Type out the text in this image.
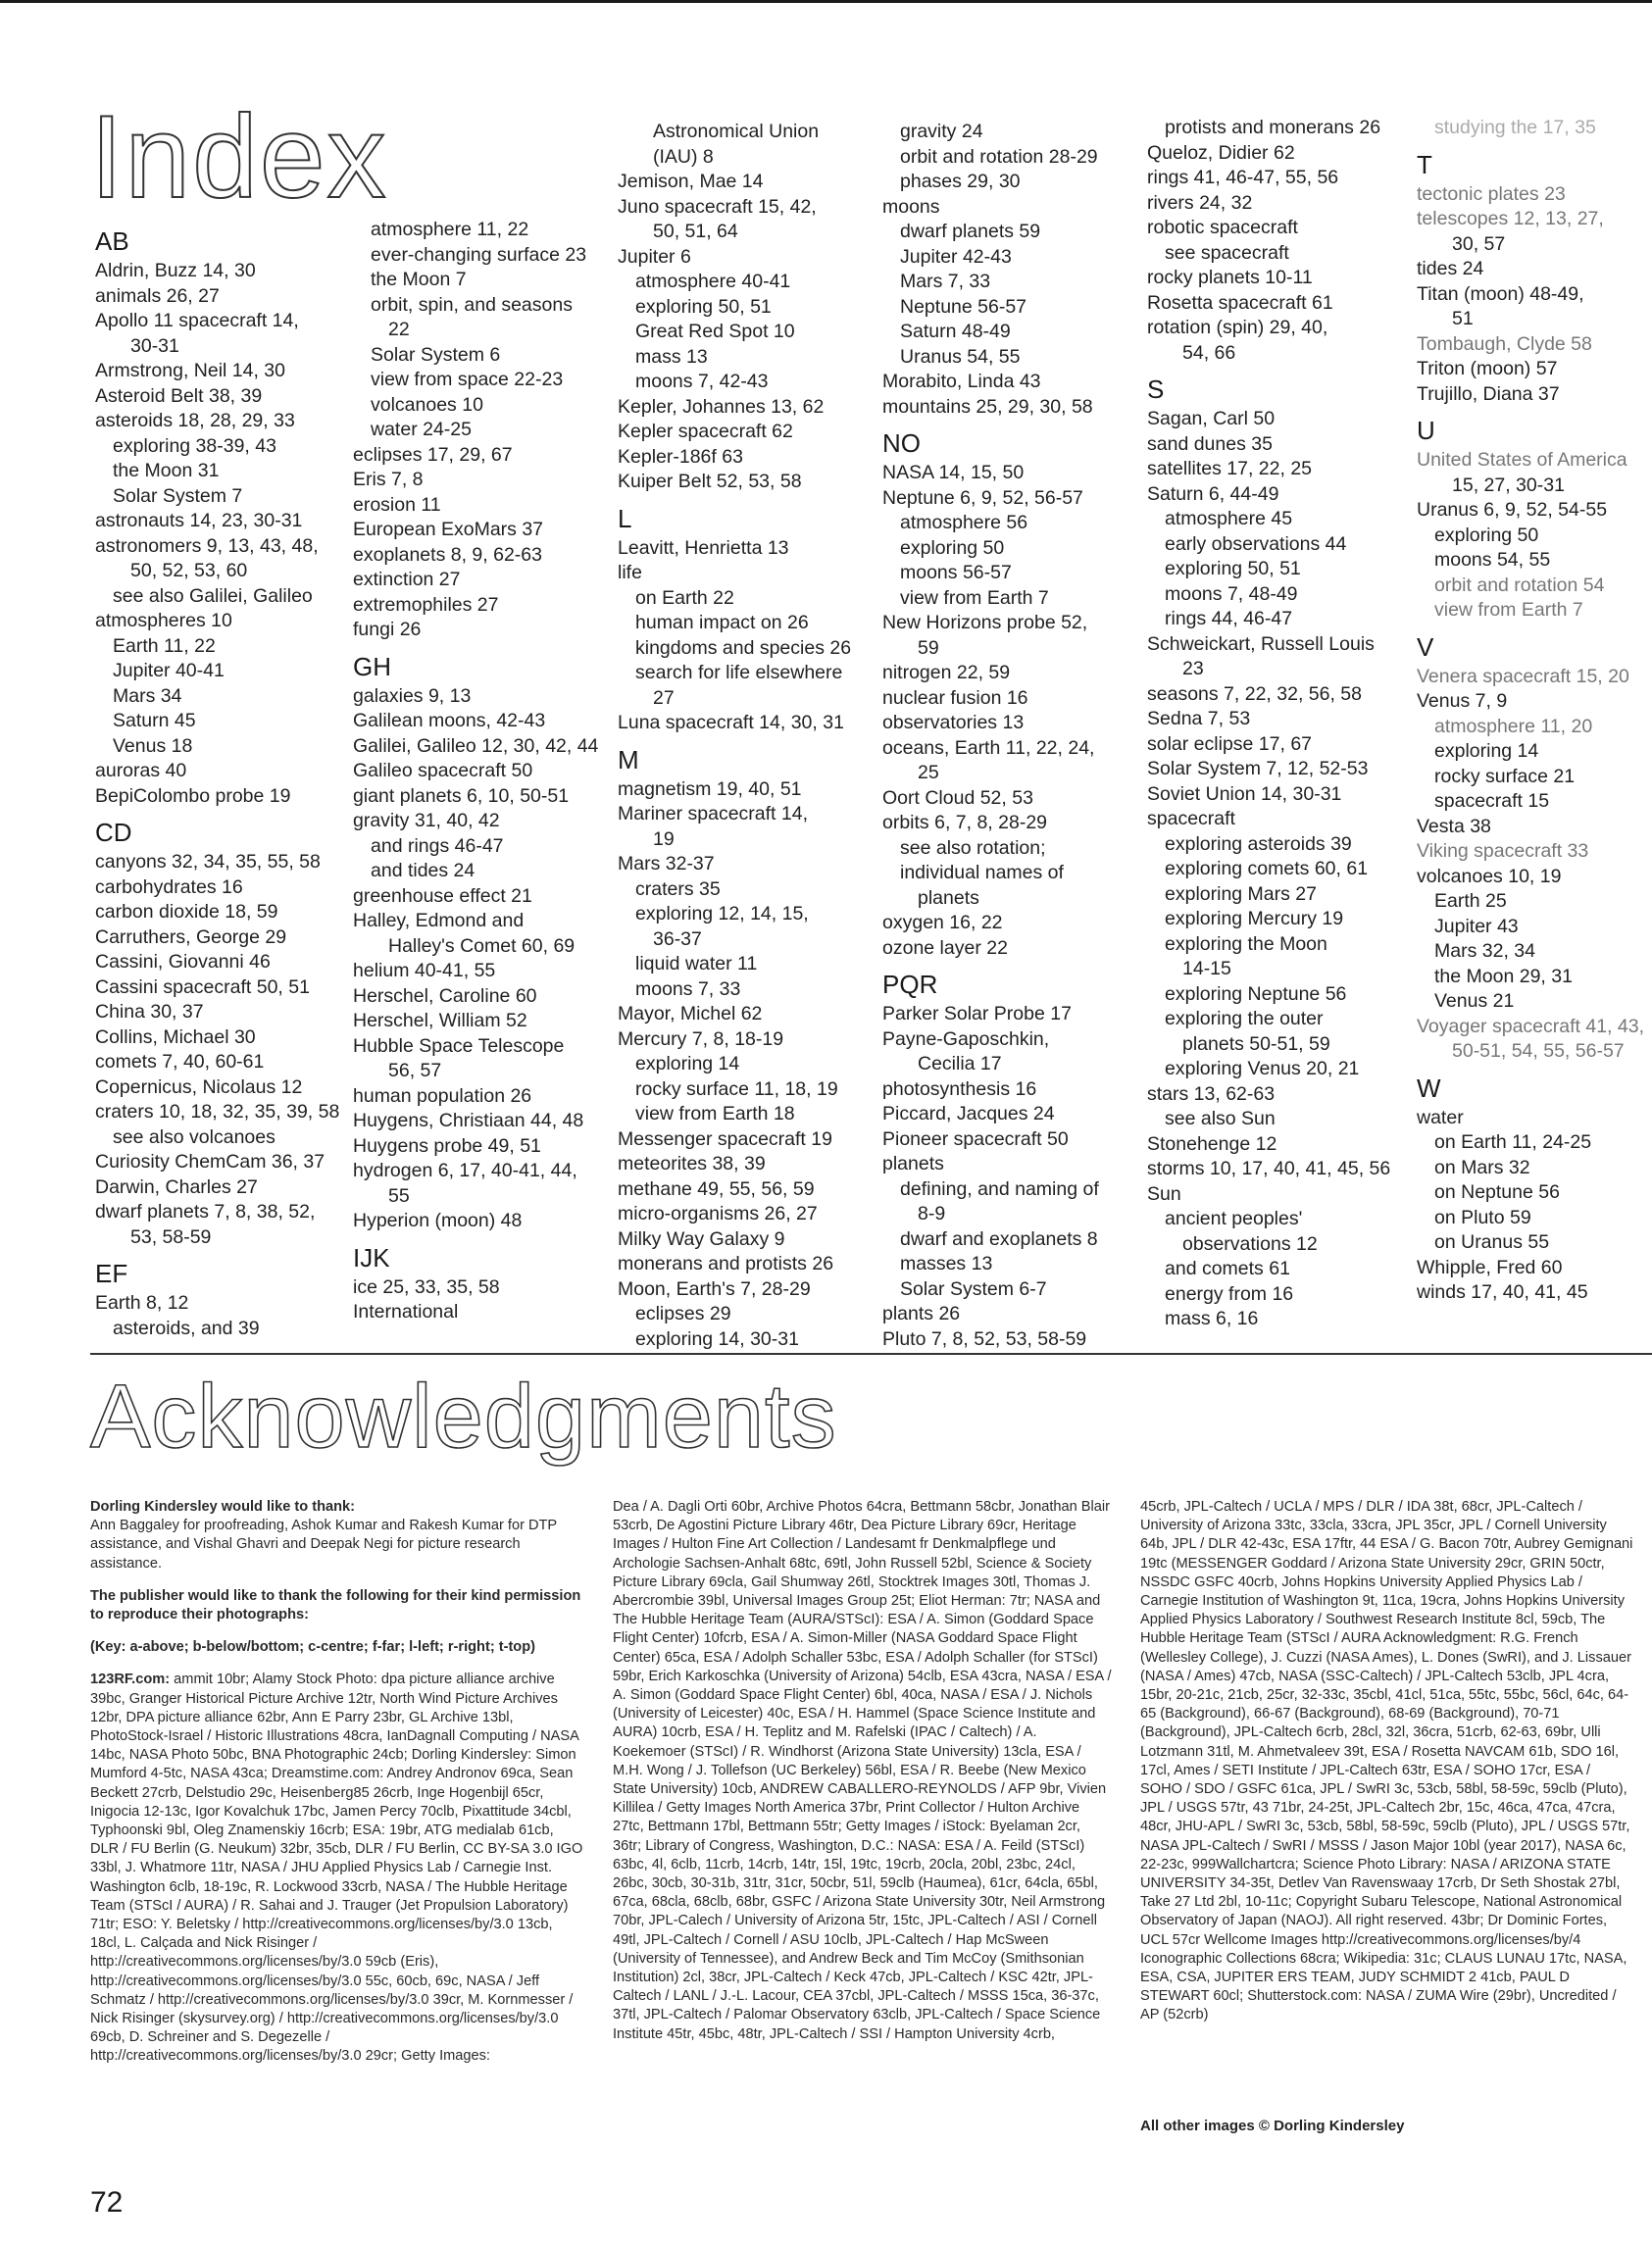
Index
AB
Aldrin, Buzz 14, 30
animals 26, 27
Apollo 11 spacecraft 14,
30-31
Armstrong, Neil 14, 30
Asteroid Belt 38, 39
asteroids 18, 28, 29, 33
exploring 38-39, 43
the Moon 31
Solar System 7
astronauts 14, 23, 30-31
astronomers 9, 13, 43, 48,
50, 52, 53, 60
see also Galilei, Galileo
atmospheres 10
Earth 11, 22
Jupiter 40-41
Mars 34
Saturn 45
Venus 18
auroras 40
BepiColombo probe 19
CD
canyons 32, 34, 35, 55, 58
carbohydrates 16
carbon dioxide 18, 59
Carruthers, George 29
Cassini, Giovanni 46
Cassini spacecraft 50, 51
China 30, 37
Collins, Michael 30
comets 7, 40, 60-61
Copernicus, Nicolaus 12
craters 10, 18, 32, 35, 39, 58
see also volcanoes
Curiosity ChemCam 36, 37
Darwin, Charles 27
dwarf planets 7, 8, 38, 52,
53, 58-59
EF
Earth 8, 12
asteroids, and 39
atmosphere 11, 22
ever-changing surface 23
the Moon 7
orbit, spin, and seasons
22
Solar System 6
view from space 22-23
volcanoes 10
water 24-25
eclipses 17, 29, 67
Eris 7, 8
erosion 11
European ExoMars 37
exoplanets 8, 9, 62-63
extinction 27
extremophiles 27
fungi 26
GH
galaxies 9, 13
Galilean moons, 42-43
Galilei, Galileo 12, 30, 42, 44
Galileo spacecraft 50
giant planets 6, 10, 50-51
gravity 31, 40, 42
and rings 46-47
and tides 24
greenhouse effect 21
Halley, Edmond and
Halley's Comet 60, 69
helium 40-41, 55
Herschel, Caroline 60
Herschel, William 52
Hubble Space Telescope
56, 57
human population 26
Huygens, Christiaan 44, 48
Huygens probe 49, 51
hydrogen 6, 17, 40-41, 44,
55
Hyperion (moon) 48
IJK
ice 25, 33, 35, 58
International
Astronomical Union
(IAU) 8
Jemison, Mae 14
Juno spacecraft 15, 42,
50, 51, 64
Jupiter 6
atmosphere 40-41
exploring 50, 51
Great Red Spot 10
mass 13
moons 7, 42-43
Kepler, Johannes 13, 62
Kepler spacecraft 62
Kepler-186f 63
Kuiper Belt 52, 53, 58
L
Leavitt, Henrietta 13
life
on Earth 22
human impact on 26
kingdoms and species 26
search for life elsewhere
27
Luna spacecraft 14, 30, 31
M
magnetism 19, 40, 51
Mariner spacecraft 14,
19
Mars 32-37
craters 35
exploring 12, 14, 15,
36-37
liquid water 11
moons 7, 33
Mayor, Michel 62
Mercury 7, 8, 18-19
exploring 14
rocky surface 11, 18, 19
view from Earth 18
Messenger spacecraft 19
meteorites 38, 39
methane 49, 55, 56, 59
micro-organisms 26, 27
Milky Way Galaxy 9
monerans and protists 26
Moon, Earth's 7, 28-29
eclipses 29
exploring 14, 30-31
gravity 24
orbit and rotation 28-29
phases 29, 30
moons
dwarf planets 59
Jupiter 42-43
Mars 7, 33
Neptune 56-57
Saturn 48-49
Uranus 54, 55
Morabito, Linda 43
mountains 25, 29, 30, 58
NO
NASA 14, 15, 50
Neptune 6, 9, 52, 56-57
atmosphere 56
exploring 50
moons 56-57
view from Earth 7
New Horizons probe 52,
59
nitrogen 22, 59
nuclear fusion 16
observatories 13
oceans, Earth 11, 22, 24,
25
Oort Cloud 52, 53
orbits 6, 7, 8, 28-29
see also rotation;
individual names of
planets
oxygen 16, 22
ozone layer 22
PQR
Parker Solar Probe 17
Payne-Gaposchkin,
Cecilia 17
photosynthesis 16
Piccard, Jacques 24
Pioneer spacecraft 50
planets
defining, and naming of
8-9
dwarf and exoplanets 8
masses 13
Solar System 6-7
plants 26
Pluto 7, 8, 52, 53, 58-59
protists and monerans 26
Queloz, Didier 62
rings 41, 46-47, 55, 56
rivers 24, 32
robotic spacecraft
see spacecraft
rocky planets 10-11
Rosetta spacecraft 61
rotation (spin) 29, 40,
54, 66
S
Sagan, Carl 50
sand dunes 35
satellites 17, 22, 25
Saturn 6, 44-49
atmosphere 45
early observations 44
exploring 50, 51
moons 7, 48-49
rings 44, 46-47
Schweickart, Russell Louis
23
seasons 7, 22, 32, 56, 58
Sedna 7, 53
solar eclipse 17, 67
Solar System 7, 12, 52-53
Soviet Union 14, 30-31
spacecraft
exploring asteroids 39
exploring comets 60, 61
exploring Mars 27
exploring Mercury 19
exploring the Moon
14-15
exploring Neptune 56
exploring the outer
planets 50-51, 59
exploring Venus 20, 21
stars 13, 62-63
see also Sun
Stonehenge 12
storms 10, 17, 40, 41, 45, 56
Sun
ancient peoples'
observations 12
and comets 61
energy from 16
mass 6, 16
studying the 17, 35
T
tectonic plates 23
telescopes 12, 13, 27,
30, 57
tides 24
Titan (moon) 48-49,
51
Tombaugh, Clyde 58
Triton (moon) 57
Trujillo, Diana 37
U
United States of America
15, 27, 30-31
Uranus 6, 9, 52, 54-55
exploring 50
moons 54, 55
orbit and rotation 54
view from Earth 7
V
Venera spacecraft 15, 20
Venus 7, 9
atmosphere 11, 20
exploring 14
rocky surface 21
spacecraft 15
Vesta 38
Viking spacecraft 33
volcanoes 10, 19
Earth 25
Jupiter 43
Mars 32, 34
the Moon 29, 31
Venus 21
Voyager spacecraft 41, 43,
50-51, 54, 55, 56-57
W
water
on Earth 11, 24-25
on Mars 32
on Neptune 56
on Pluto 59
on Uranus 55
Whipple, Fred 60
winds 17, 40, 41, 45
Acknowledgments

Dorling Kindersley would like to thank:
Ann Baggaley for proofreading, Ashok Kumar and Rakesh Kumar for DTP assistance, and Vishal Ghavri and Deepak Negi for picture research assistance.

The publisher would like to thank the following for their kind permission to reproduce their photographs:

(Key: a-above; b-below/bottom; c-centre; f-far; l-left; r-right; t-top)

123RF.com: ammit 10br; Alamy Stock Photo: dpa picture alliance archive 39bc, Granger Historical Picture Archive 12tr, North Wind Picture Archives 12br, DPA picture alliance 62br, Ann E Parry 23br, GL Archive 13bl, PhotoStock-Israel / Historic Illustrations 48cra, IanDagnall Computing / NASA 14bc, NASA Photo 50bc, BNA Photographic 24cb; Dorling Kindersley: Simon Mumford 4-5tc, NASA 43ca; Dreamstime.com: Andrey Andronov 69ca, Sean Beckett 27crb, Delstudio 29c, Heisenberg85 26crb, Inge Hogenbijl 65cr, Inigocia 12-13c, Igor Kovalchuk 17bc, Jamen Percy 70clb, Pixattitude 34cbl, Typhoonski 9bl, Oleg Znamenskiy 16crb; ESA: 19br, ATG medialab 61cb, DLR / FU Berlin (G. Neukum) 32br, 35cb, DLR / FU Berlin, CC BY-SA 3.0 IGO 33bl, J. Whatmore 11tr, NASA / JHU Applied Physics Lab / Carnegie Inst. Washington 6clb, 18-19c, R. Lockwood 33crb, NASA / The Hubble Heritage Team (STScI / AURA) / R. Sahai and J. Trauger (Jet Propulsion Laboratory) 71tr; ESO: Y. Beletsky / http://creativecommons.org/licenses/by/3.0 13cb, 18cl, L. Calçada and Nick Risinger / http://creativecommons.org/licenses/by/3.0 59cb (Eris), http://creativecommons.org/licenses/by/3.0 55c, 60cb, 69c, NASA / Jeff Schmatz / http://creativecommons.org/licenses/by/3.0 39cr, M. Kornmesser / Nick Risinger (skysurvey.org) / http://creativecommons.org/licenses/by/3.0 69cb, D. Schreiner and S. Degezelle / http://creativecommons.org/licenses/by/3.0 29cr; Getty Images:

Dea / A. Dagli Orti 60br, Archive Photos 64cra, Bettmann 58cbr, Jonathan Blair 53crb, De Agostini Picture Library 46tr, Dea Picture Library 69cr, Heritage Images / Hulton Fine Art Collection / Landesamt fr Denkmalpflege und Archologie Sachsen-Anhalt 68tc, 69tl, John Russell 52bl, Science & Society Picture Library 69cla, Gail Shumway 26tl, Stocktrek Images 30tl, Thomas J. Abercrombie 39bl, Universal Images Group 25t; Eliot Herman: 7tr; NASA and The Hubble Heritage Team (AURA/STScI): ESA / A. Simon (Goddard Space Flight Center) 10fcrb, ESA / A. Simon-Miller (NASA Goddard Space Flight Center) 65ca, ESA / Adolph Schaller 53bc, ESA / Adolph Schaller (for STScI) 59br, Erich Karkoschka (University of Arizona) 54clb, ESA 43cra, NASA / ESA / A. Simon (Goddard Space Flight Center) 6bl, 40ca, NASA / ESA / J. Nichols (University of Leicester) 40c, ESA / H. Hammel (Space Science Institute and AURA) 10crb, ESA / H. Teplitz and M. Rafelski (IPAC / Caltech) / A. Koekemoer (STScI) / R. Windhorst (Arizona State University) 13cla, ESA / M.H. Wong / J. Tollefson (UC Berkeley) 56bl, ESA / R. Beebe (New Mexico State University) 10cb, ANDREW CABALLERO-REYNOLDS / AFP 9br, Vivien Killilea / Getty Images North America 37br, Print Collector / Hulton Archive 27tc, Bettmann 17bl, Bettmann 55tr; Getty Images / iStock: Byelaman 2cr, 36tr; Library of Congress, Washington, D.C.: NASA: ESA / A. Feild (STScI) 63bc, 4l, 6clb, 11crb, 14crb, 14tr, 15l, 19tc, 19crb, 20cla, 20bl, 23bc, 24cl, 26bc, 30cb, 30-31b, 31tr, 31cr, 50cbr, 51l, 59clb (Haumea), 61cr, 64cla, 65bl, 67ca, 68cla, 68clb, 68br, GSFC / Arizona State University 30tr, Neil Armstrong 70br, JPL-Calech / University of Arizona 5tr, 15tc, JPL-Caltech / ASI / Cornell 49tl, JPL-Caltech / Cornell / ASU 10clb, JPL-Caltech / Hap McSween (University of Tennessee), and Andrew Beck and Tim McCoy (Smithsonian Institution) 2cl, 38cr, JPL-Caltech / Keck 47cb, JPL-Caltech / KSC 42tr, JPL-Caltech / LANL / J.-L. Lacour, CEA 37cbl, JPL-Caltech / MSSS 15ca, 36-37c, 37tl, JPL-Caltech / Palomar Observatory 63clb, JPL-Caltech / Space Science Institute 45tr, 45bc, 48tr, JPL-Caltech / SSI / Hampton University 4crb,

45crb, JPL-Caltech / UCLA / MPS / DLR / IDA 38t, 68cr, JPL-Caltech / University of Arizona 33tc, 33cla, 33cra, JPL 35cr, JPL / Cornell University 64b, JPL / DLR 42-43c, ESA 17ftr, 44 ESA / G. Bacon 70tr, Aubrey Gemignani 19tc (MESSENGER Goddard / Arizona State University 29cr, GRIN 50ctr, NSSDC GSFC 40crb, Johns Hopkins University Applied Physics Lab / Carnegie Institution of Washington 9t, 11ca, 19cra, Johns Hopkins University Applied Physics Laboratory / Southwest Research Institute 8cl, 59cb, The Hubble Heritage Team (STScI / AURA Acknowledgment: R.G. French (Wellesley College), J. Cuzzi (NASA Ames), L. Dones (SwRI), and J. Lissauer (NASA / Ames) 47cb, NASA (SSC-Caltech) / JPL-Caltech 53clb, JPL 4cra, 15br, 20-21c, 21cb, 25cr, 32-33c, 35cbl, 41cl, 51ca, 55tc, 55bc, 56cl, 64c, 64-65 (Background), 66-67 (Background), 68-69 (Background), 70-71 (Background), JPL-Caltech 6crb, 28cl, 32l, 36cra, 51crb, 62-63, 69br, Ulli Lotzmann 31tl, M. Ahmetvaleev 39t, ESA / Rosetta NAVCAM 61b, SDO 16l, 17cl, Ames / SETI Institute / JPL-Caltech 63tr, ESA / SOHO 17cr, ESA / SOHO / SDO / GSFC 61ca, JPL / SwRI 3c, 53cb, 58bl, 58-59c, 59clb (Pluto), JPL / USGS 57tr, 43 71br, 24-25t, JPL-Caltech 2br, 15c, 46ca, 47ca, 47cra, 48cr, JHU-APL / SwRI 3c, 53cb, 58bl, 58-59c, 59clb (Pluto), JPL / USGS 57tr, NASA JPL-Caltech / SwRI / MSSS / Jason Major 10bl (year 2017), NASA 6c, 22-23c, 999Wallchartcra; Science Photo Library: NASA / ARIZONA STATE UNIVERSITY 34-35t, Detlev Van Ravenswaay 17crb, Dr Seth Shostak 27bl, Take 27 Ltd 2bl, 10-11c; Copyright Subaru Telescope, National Astronomical Observatory of Japan (NAOJ). All right reserved. 43br; Dr Dominic Fortes, UCL 57cr Wellcome Images http://creativecommons.org/licenses/by/4 Iconographic Collections 68cra; Wikipedia: 31c; CLAUS LUNAU 17tc, NASA, ESA, CSA, JUPITER ERS TEAM, JUDY SCHMIDT 2 41cb, PAUL D STEWART 60cl; Shutterstock.com: NASA / ZUMA Wire (29br), Uncredited / AP (52crb)

All other images © Dorling Kindersley
72
